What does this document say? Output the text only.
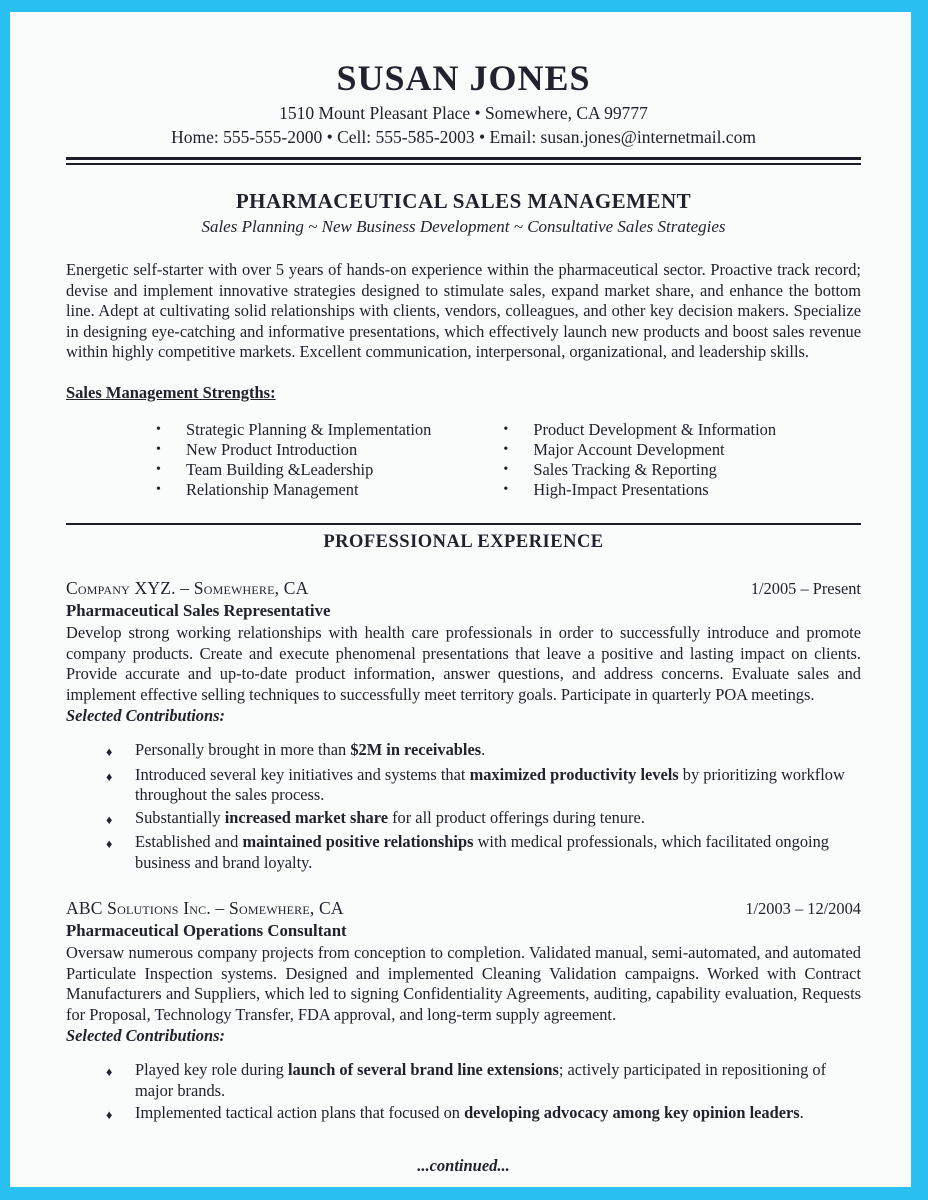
SUSAN JONES
1510 Mount Pleasant Place • Somewhere, CA 99777
Home: 555-555-2000 • Cell: 555-585-2003 • Email: susan.jones@internetmail.com
PHARMACEUTICAL SALES MANAGEMENT
Sales Planning ~ New Business Development ~ Consultative Sales Strategies

Energetic self-starter with over 5 years of hands-on experience within the pharmaceutical sector. Proactive track record; devise and implement innovative strategies designed to stimulate sales, expand market share, and enhance the bottom line. Adept at cultivating solid relationships with clients, vendors, colleagues, and other key decision makers. Specialize in designing eye-catching and informative presentations, which effectively launch new products and boost sales revenue within highly competitive markets. Excellent communication, interpersonal, organizational, and leadership skills.

Sales Management Strengths:
•	Strategic Planning & Implementation
•	New Product Introduction
•	Team Building &Leadership
•	Relationship Management
•	Product Development & Information
•	Major Account Development
•	Sales Tracking & Reporting
•	High-Impact Presentations
PROFESSIONAL EXPERIENCE
Company XYZ. – Somewhere, CA	1/2005 – Present
Pharmaceutical Sales Representative

Develop strong working relationships with health care professionals in order to successfully introduce and promote company products. Create and execute phenomenal presentations that leave a positive and lasting impact on clients. Provide accurate and up-to-date product information, answer questions, and address concerns. Evaluate sales and implement effective selling techniques to successfully meet territory goals. Participate in quarterly POA meetings.

Selected Contributions:
♦	Personally brought in more than $2M in receivables.
♦	Introduced several key initiatives and systems that maximized productivity levels by prioritizing workflow throughout the sales process.
♦	Substantially increased market share for all product offerings during tenure.
♦	Established and maintained positive relationships with medical professionals, which facilitated ongoing business and brand loyalty.
ABC Solutions Inc. – Somewhere, CA	1/2003 – 12/2004
Pharmaceutical Operations Consultant

Oversaw numerous company projects from conception to completion. Validated manual, semi-automated, and automated Particulate Inspection systems. Designed and implemented Cleaning Validation campaigns. Worked with Contract Manufacturers and Suppliers, which led to signing Confidentiality Agreements, auditing, capability evaluation, Requests for Proposal, Technology Transfer, FDA approval, and long-term supply agreement.

Selected Contributions:
♦	Played key role during launch of several brand line extensions; actively participated in repositioning of major brands.
♦	Implemented tactical action plans that focused on developing advocacy among key opinion leaders.
...continued...
